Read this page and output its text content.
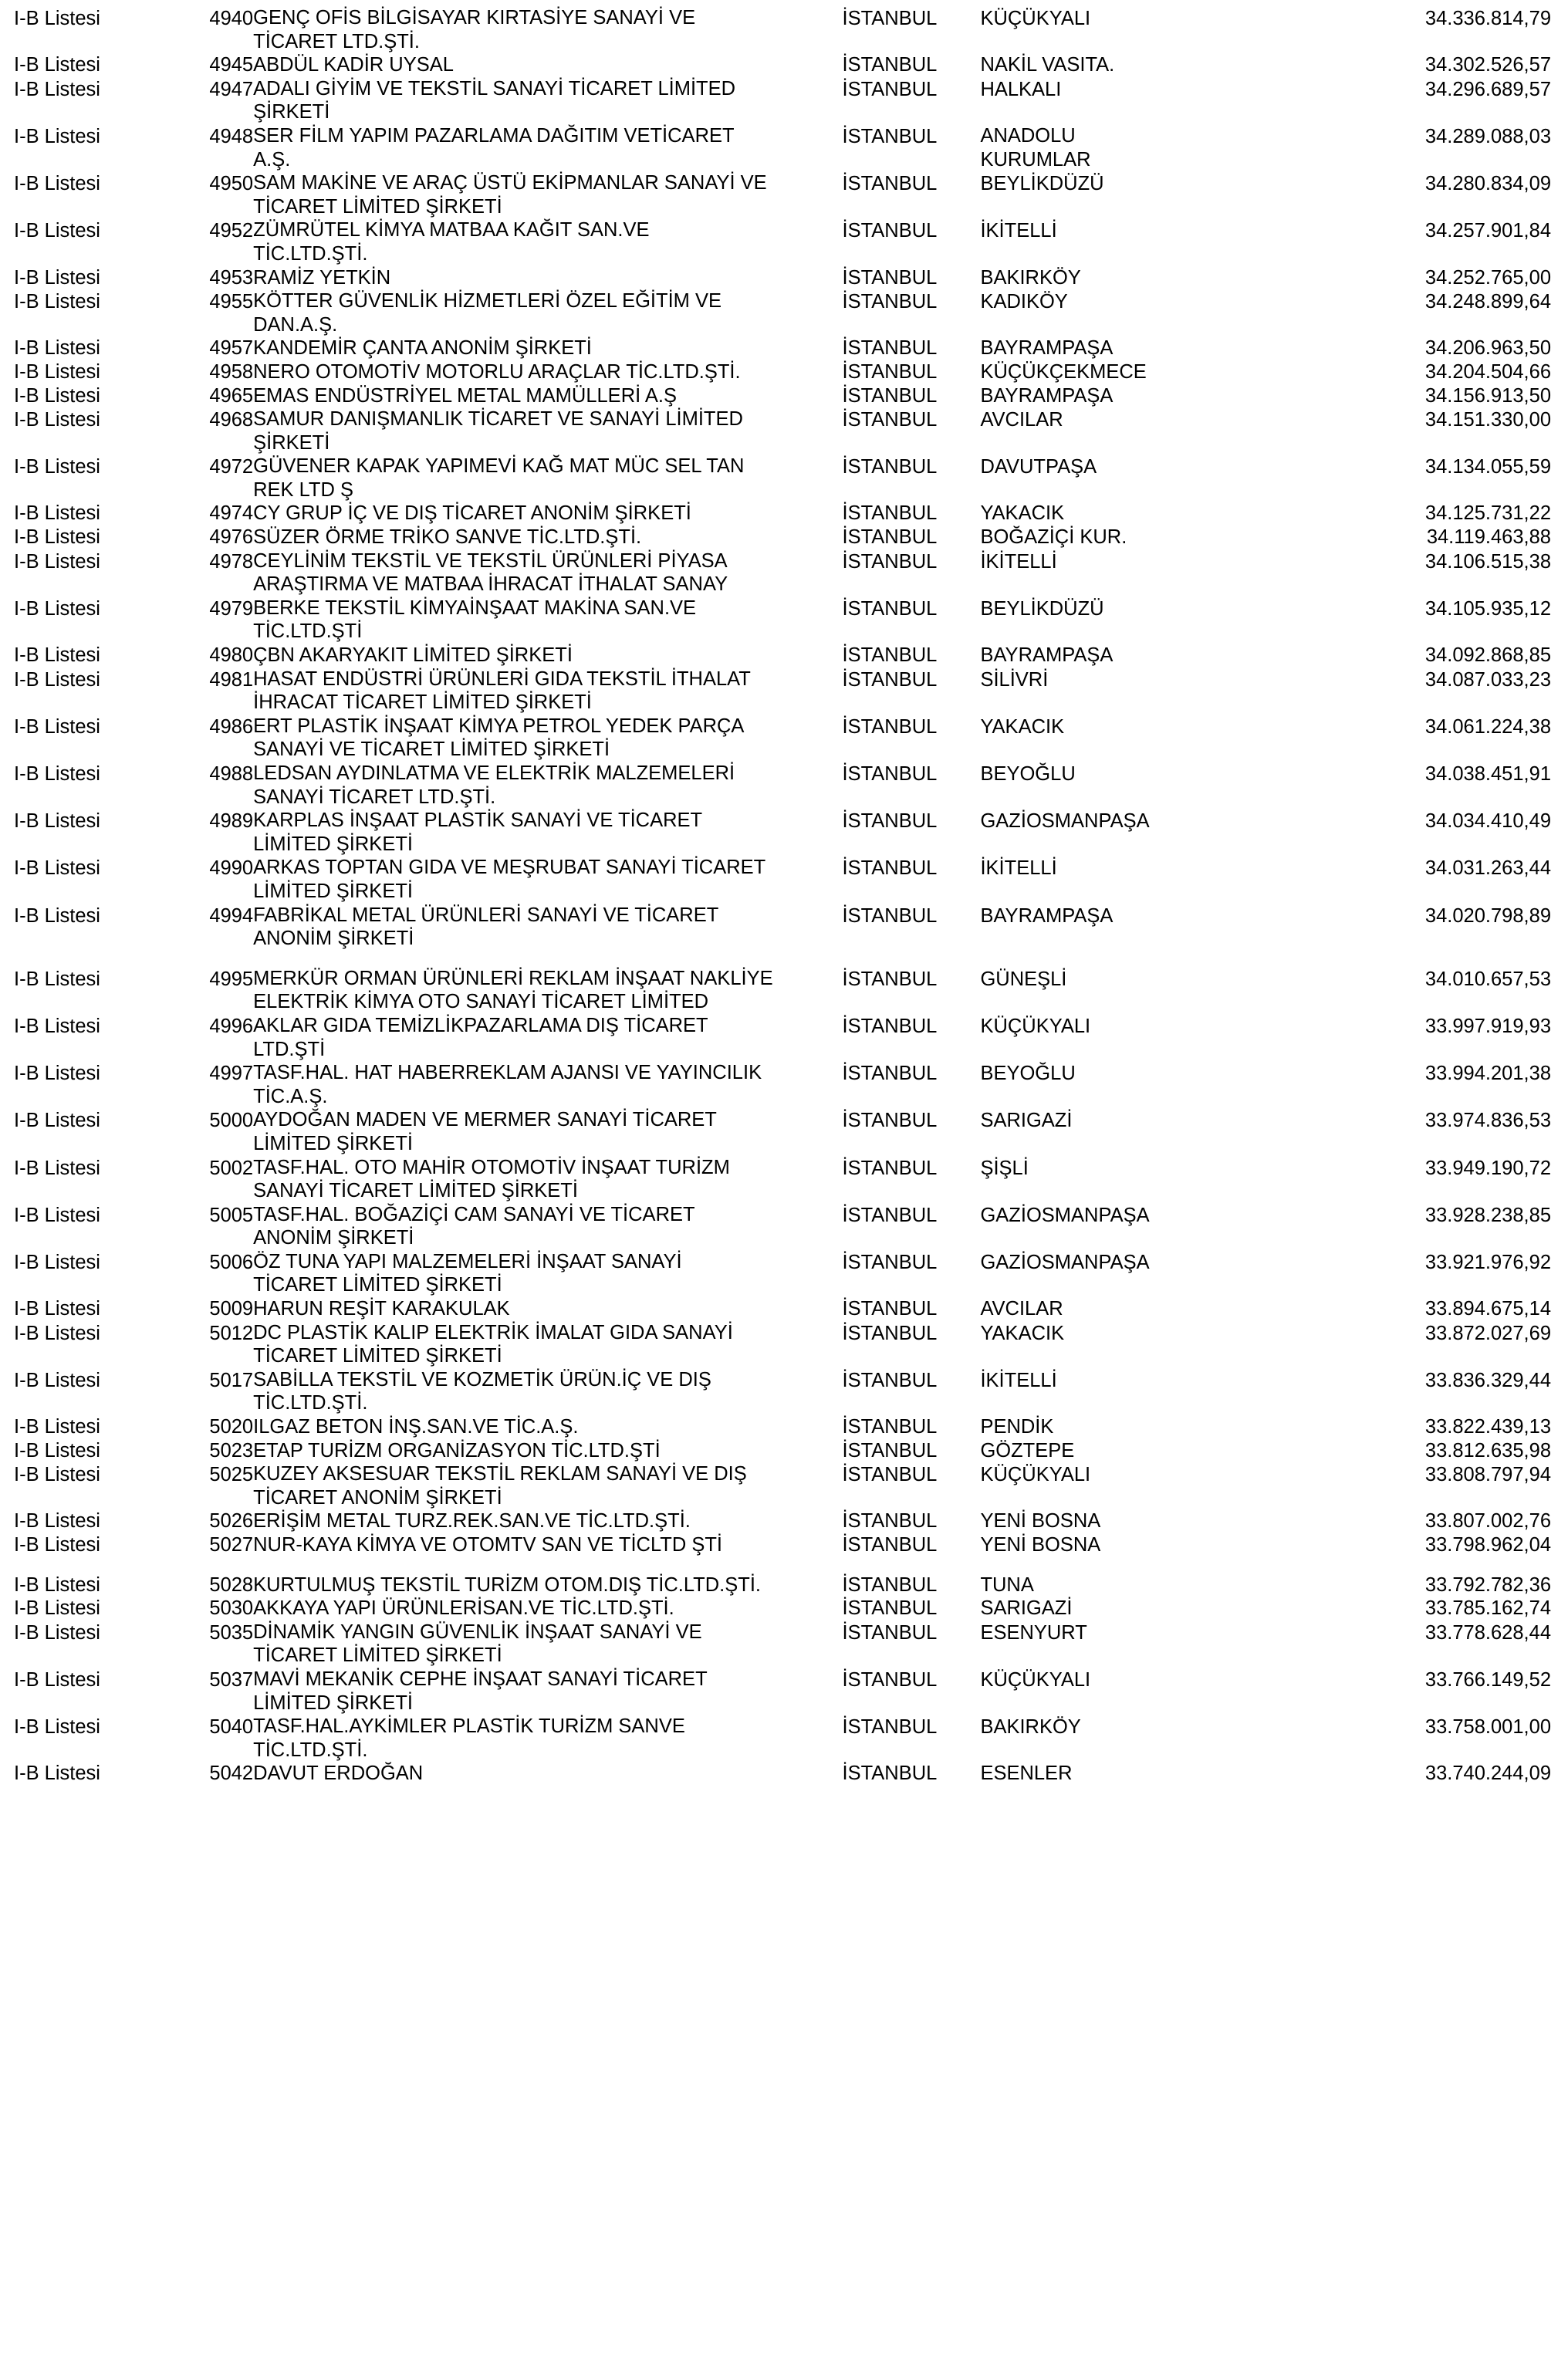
I-B Listesi	4940	GENÇ OFİS BİLGİSAYAR KIRTASİYE SANAYİ VE
TİCARET LTD.ŞTİ.	İSTANBUL	KÜÇÜKYALI	34.336.814,79
I-B Listesi	4945	ABDÜL KADİR UYSAL	İSTANBUL	NAKİL VASITA.	34.302.526,57

I-B Listesi	4947	ADALI GİYİM VE TEKSTİL SANAYİ TİCARET LİMİTED
ŞİRKETİ	İSTANBUL	HALKALI	34.296.689,57

I-B Listesi	4948	SER FİLM YAPIM PAZARLAMA DAĞITIM VETİCARET
A.Ş.	İSTANBUL	ANADOLU
KURUMLAR	34.289.088,03

I-B Listesi	4950	SAM MAKİNE VE ARAÇ ÜSTÜ EKİPMANLAR SANAYİ VE
TİCARET LİMİTED ŞİRKETİ	İSTANBUL	BEYLİKDÜZÜ	34.280.834,09

I-B Listesi	4952	ZÜMRÜTEL KİMYA MATBAA KAĞIT SAN.VE
TİC.LTD.ŞTİ.	İSTANBUL	İKİTELLİ	34.257.901,84
I-B Listesi	4953	RAMİZ YETKİN	İSTANBUL	BAKIRKÖY	34.252.765,00

I-B Listesi	4955	KÖTTER GÜVENLİK HİZMETLERİ ÖZEL EĞİTİM VE
DAN.A.Ş.	İSTANBUL	KADIKÖY	34.248.899,64
I-B Listesi	4957	KANDEMİR ÇANTA ANONİM ŞİRKETİ	İSTANBUL	BAYRAMPAŞA	34.206.963,50
I-B Listesi	4958	NERO OTOMOTİV MOTORLU ARAÇLAR TİC.LTD.ŞTİ.	İSTANBUL	KÜÇÜKÇEKMECE	34.204.504,66
I-B Listesi	4965	EMAS ENDÜSTRİYEL METAL MAMÜLLERİ A.Ş	İSTANBUL	BAYRAMPAŞA	34.156.913,50

I-B Listesi	4968	SAMUR DANIŞMANLIK TİCARET VE SANAYİ LİMİTED
ŞİRKETİ	İSTANBUL	AVCILAR	34.151.330,00

I-B Listesi	4972	GÜVENER KAPAK YAPIMEVİ KAĞ MAT MÜC SEL TAN
REK LTD Ş	İSTANBUL	DAVUTPAŞA	34.134.055,59
I-B Listesi	4974	CY GRUP İÇ VE DIŞ TİCARET ANONİM ŞİRKETİ	İSTANBUL	YAKACIK	34.125.731,22
I-B Listesi	4976	SÜZER ÖRME TRİKO SANVE TİC.LTD.ŞTİ.	İSTANBUL	BOĞAZİÇİ KUR.	34.119.463,88

I-B Listesi	4978	CEYLİNİM TEKSTİL VE TEKSTİL ÜRÜNLERİ PİYASA
ARAŞTIRMA VE MATBAA İHRACAT İTHALAT SANAY	İSTANBUL	İKİTELLİ	34.106.515,38

I-B Listesi	4979	BERKE TEKSTİL KİMYAİNŞAAT MAKİNA SAN.VE
TİC.LTD.ŞTİ	İSTANBUL	BEYLİKDÜZÜ	34.105.935,12
I-B Listesi	4980	ÇBN AKARYAKIT LİMİTED ŞİRKETİ	İSTANBUL	BAYRAMPAŞA	34.092.868,85

I-B Listesi	4981	HASAT ENDÜSTRİ ÜRÜNLERİ GIDA TEKSTİL İTHALAT
İHRACAT TİCARET LİMİTED ŞİRKETİ	İSTANBUL	SİLİVRİ	34.087.033,23

I-B Listesi	4986	ERT PLASTİK İNŞAAT KİMYA PETROL YEDEK PARÇA
SANAYİ VE TİCARET LİMİTED ŞİRKETİ	İSTANBUL	YAKACIK	34.061.224,38

I-B Listesi	4988	LEDSAN AYDINLATMA VE ELEKTRİK MALZEMELERİ
SANAYİ TİCARET LTD.ŞTİ.	İSTANBUL	BEYOĞLU	34.038.451,91

I-B Listesi	4989	KARPLAS İNŞAAT PLASTİK SANAYİ VE TİCARET
LİMİTED ŞİRKETİ	İSTANBUL	GAZİOSMANPAŞA	34.034.410,49

I-B Listesi	4990	ARKAS TOPTAN GIDA VE MEŞRUBAT SANAYİ TİCARET
LİMİTED ŞİRKETİ	İSTANBUL	İKİTELLİ	34.031.263,44

I-B Listesi	4994	FABRİKAL METAL ÜRÜNLERİ SANAYİ VE TİCARET
ANONİM ŞİRKETİ	İSTANBUL	BAYRAMPAŞA	34.020.798,89

I-B Listesi	4995	MERKÜR ORMAN ÜRÜNLERİ REKLAM İNŞAAT NAKLİYE
ELEKTRİK KİMYA OTO SANAYİ TİCARET LİMİTED	İSTANBUL	GÜNEŞLİ	34.010.657,53

I-B Listesi	4996	AKLAR GIDA TEMİZLİKPAZARLAMA DIŞ TİCARET
LTD.ŞTİ	İSTANBUL	KÜÇÜKYALI	33.997.919,93

I-B Listesi	4997	TASF.HAL. HAT HABERREKLAM AJANSI VE YAYINCILIK
TİC.A.Ş.	İSTANBUL	BEYOĞLU	33.994.201,38

I-B Listesi	5000	AYDOĞAN MADEN VE MERMER SANAYİ TİCARET
LİMİTED ŞİRKETİ	İSTANBUL	SARIGAZİ	33.974.836,53

I-B Listesi	5002	TASF.HAL. OTO MAHİR OTOMOTİV İNŞAAT TURİZM
SANAYİ TİCARET LİMİTED ŞİRKETİ	İSTANBUL	ŞİŞLİ	33.949.190,72

I-B Listesi	5005	TASF.HAL. BOĞAZİÇİ CAM SANAYİ VE TİCARET
ANONİM ŞİRKETİ	İSTANBUL	GAZİOSMANPAŞA	33.928.238,85

I-B Listesi	5006	ÖZ TUNA YAPI MALZEMELERİ İNŞAAT SANAYİ
TİCARET LİMİTED ŞİRKETİ	İSTANBUL	GAZİOSMANPAŞA	33.921.976,92
I-B Listesi	5009	HARUN REŞİT KARAKULAK	İSTANBUL	AVCILAR	33.894.675,14

I-B Listesi	5012	DC PLASTİK KALIP ELEKTRİK İMALAT GIDA SANAYİ
TİCARET LİMİTED ŞİRKETİ	İSTANBUL	YAKACIK	33.872.027,69

I-B Listesi	5017	SABİLLA TEKSTİL VE KOZMETİK ÜRÜN.İÇ VE DIŞ
TİC.LTD.ŞTİ.	İSTANBUL	İKİTELLİ	33.836.329,44
I-B Listesi	5020	ILGAZ BETON İNŞ.SAN.VE TİC.A.Ş.	İSTANBUL	PENDİK	33.822.439,13
I-B Listesi	5023	ETAP TURİZM ORGANİZASYON TİC.LTD.ŞTİ	İSTANBUL	GÖZTEPE	33.812.635,98

I-B Listesi	5025	KUZEY AKSESUAR TEKSTİL REKLAM SANAYİ VE DIŞ
TİCARET ANONİM ŞİRKETİ	İSTANBUL	KÜÇÜKYALI	33.808.797,94
I-B Listesi	5026	ERİŞİM METAL TURZ.REK.SAN.VE TİC.LTD.ŞTİ.	İSTANBUL	YENİ BOSNA	33.807.002,76
I-B Listesi	5027	NUR-KAYA KİMYA VE OTOMTV SAN VE TİCLTD ŞTİ	İSTANBUL	YENİ BOSNA	33.798.962,04

I-B Listesi	5028	KURTULMUŞ TEKSTİL TURİZM OTOM.DIŞ TİC.LTD.ŞTİ.	İSTANBUL	TUNA	33.792.782,36
I-B Listesi	5030	AKKAYA YAPI ÜRÜNLERİSAN.VE TİC.LTD.ŞTİ.	İSTANBUL	SARIGAZİ	33.785.162,74

I-B Listesi	5035	DİNAMİK YANGIN GÜVENLİK İNŞAAT SANAYİ VE
TİCARET LİMİTED ŞİRKETİ	İSTANBUL	ESENYURT	33.778.628,44

I-B Listesi	5037	MAVİ MEKANİK CEPHE İNŞAAT SANAYİ TİCARET
LİMİTED ŞİRKETİ	İSTANBUL	KÜÇÜKYALI	33.766.149,52

I-B Listesi	5040	TASF.HAL.AYKİMLER PLASTİK TURİZM SANVE
TİC.LTD.ŞTİ.	İSTANBUL	BAKIRKÖY	33.758.001,00
I-B Listesi	5042	DAVUT ERDOĞAN	İSTANBUL	ESENLER	33.740.244,09
